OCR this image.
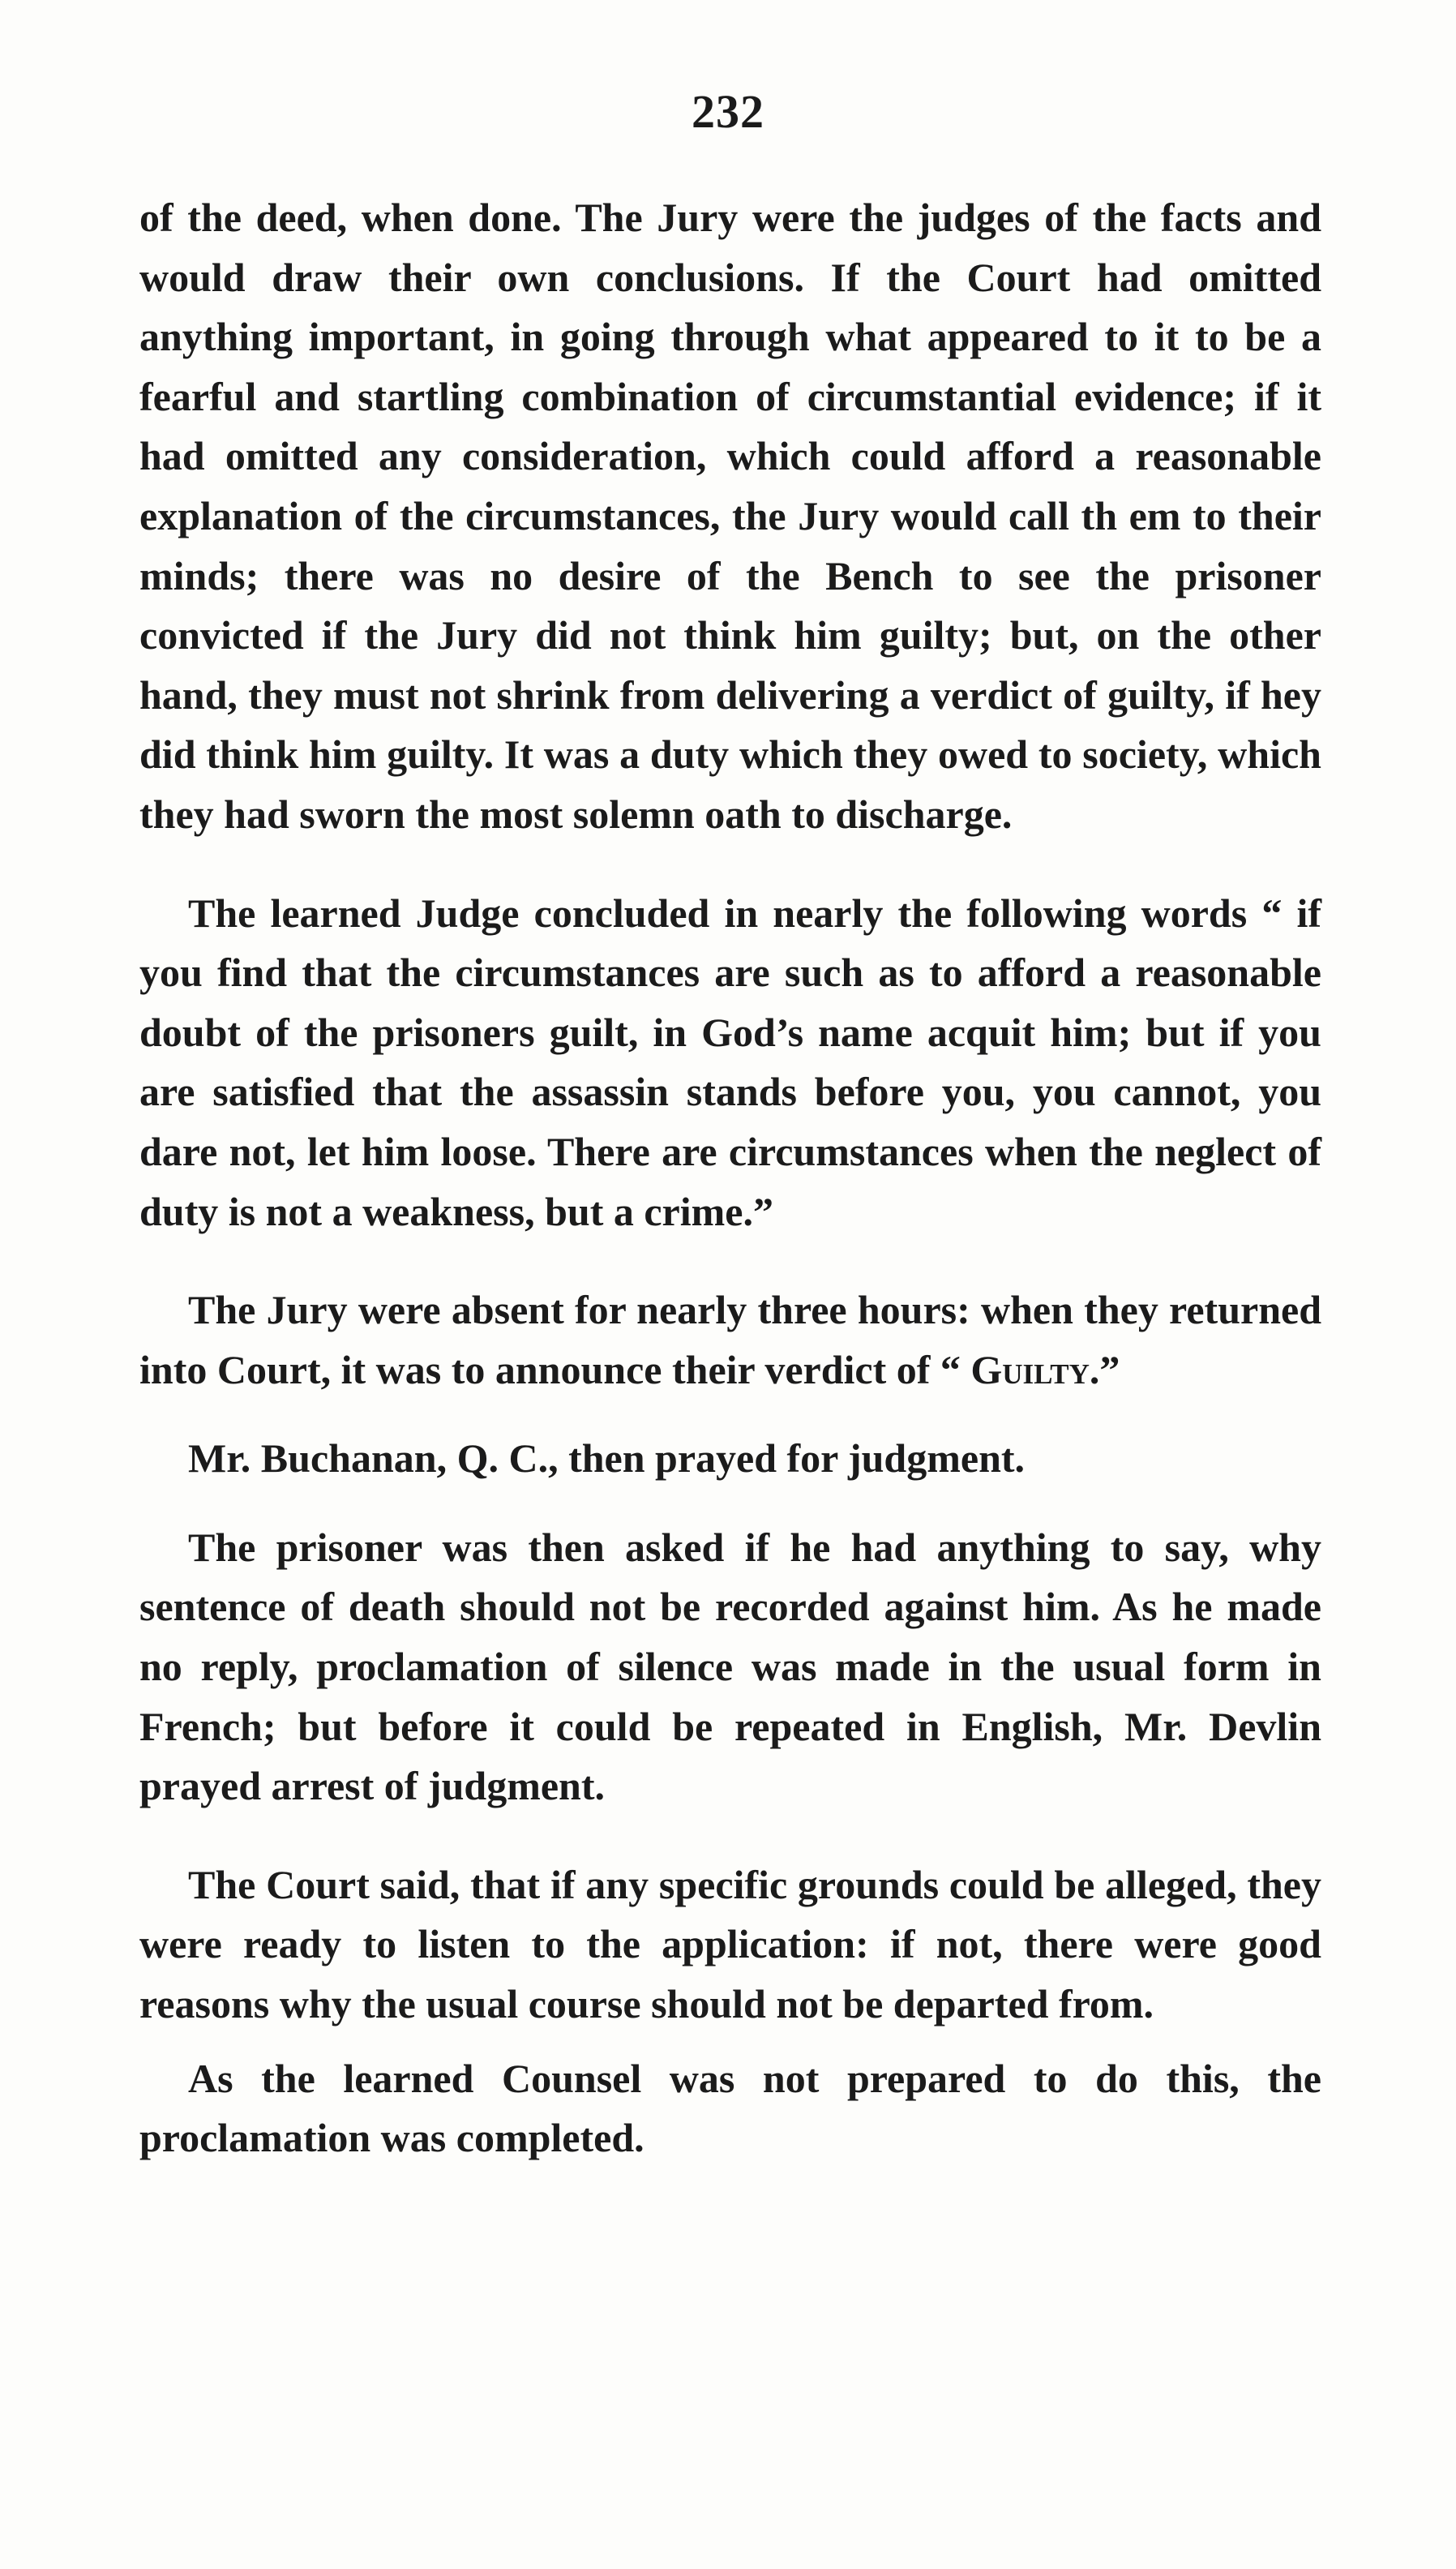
232

of the deed, when done. The Jury were the judges of the facts and would draw their own conclusions. If the Court had omitted anything important, in going through what appeared to it to be a fearful and startling combination of circumstantial evidence; if it had omitted any consideration, which could afford a reasonable explanation of the circumstances, the Jury would call th em to their minds; there was no desire of the Bench to see the prisoner convicted if the Jury did not think him guilty; but, on the other hand, they must not shrink from delivering a verdict of guilty, if hey did think him guilty. It was a duty which they owed to society, which they had sworn the most solemn oath to discharge.

The learned Judge concluded in nearly the following words “ if you find that the circumstances are such as to afford a reasonable doubt of the prisoners guilt, in God’s name acquit him; but if you are satisfied that the assassin stands before you, you cannot, you dare not, let him loose. There are circumstances when the neglect of duty is not a weakness, but a crime.”

The Jury were absent for nearly three hours: when they returned into Court, it was to announce their verdict of “ Guilty.”

Mr. Buchanan, Q. C., then prayed for judgment.

The prisoner was then asked if he had anything to say, why sentence of death should not be recorded against him. As he made no reply, proclamation of silence was made in the usual form in French; but before it could be repeated in English, Mr. Devlin prayed arrest of judgment.

The Court said, that if any specific grounds could be alleged, they were ready to listen to the application: if not, there were good reasons why the usual course should not be departed from.

As the learned Counsel was not prepared to do this, the proclamation was completed.
